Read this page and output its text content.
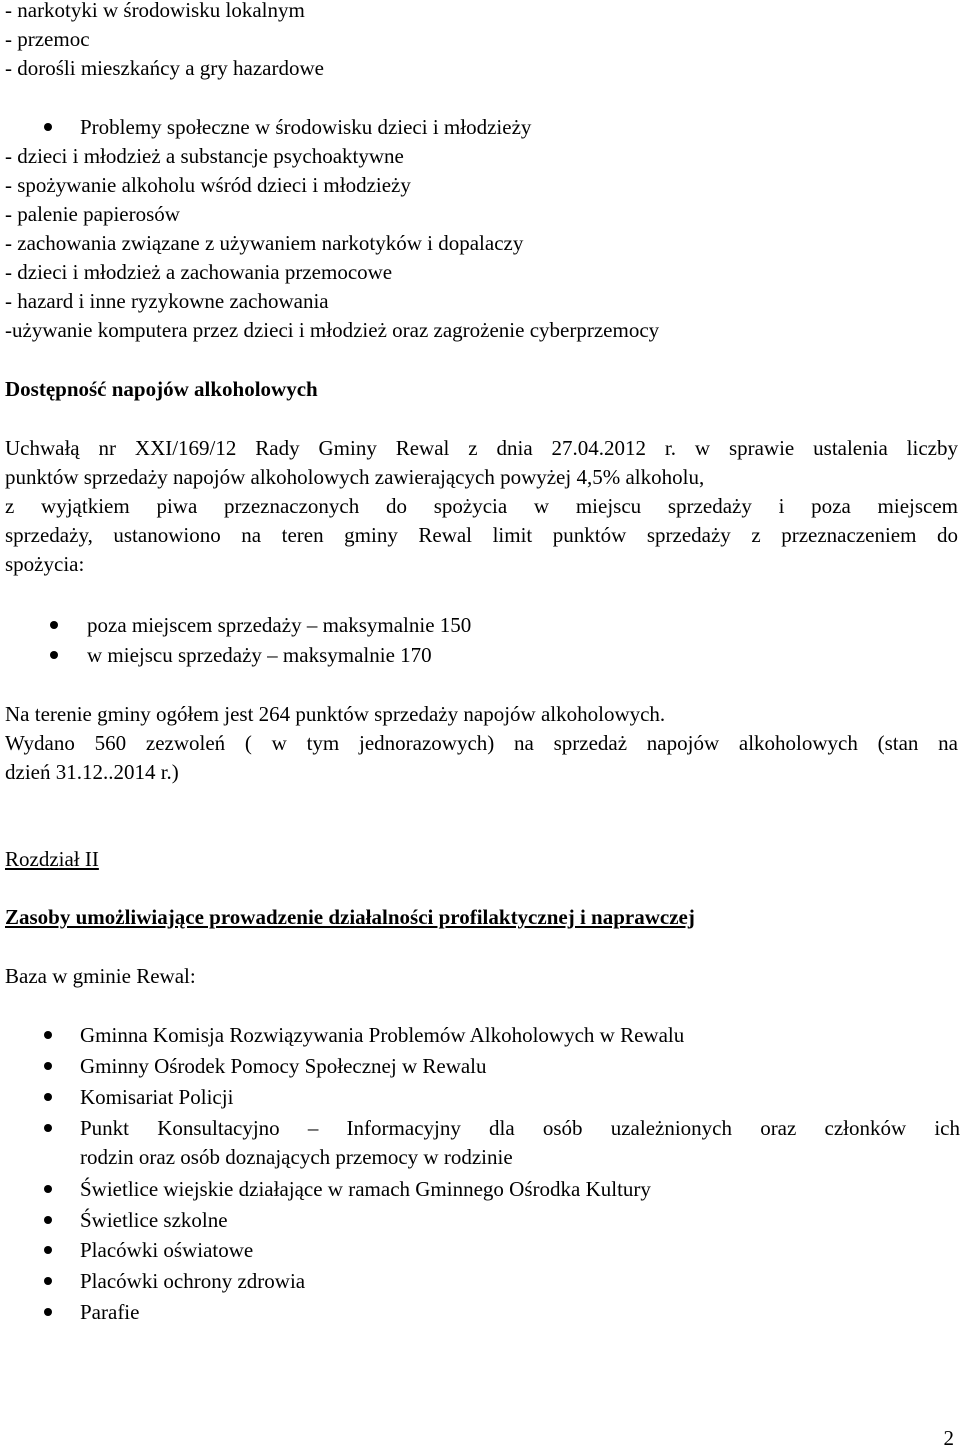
- narkotyki w środowisku lokalnym
- przemoc
- dorośli mieszkańcy a gry hazardowe
Problemy społeczne w środowisku dzieci i młodzieży
- dzieci i młodzież a substancje psychoaktywne
- spożywanie alkoholu wśród dzieci i młodzieży
- palenie papierosów
- zachowania związane z używaniem narkotyków i dopalaczy
- dzieci i młodzież a zachowania przemocowe
- hazard i inne ryzykowne zachowania
-używanie komputera przez dzieci i młodzież oraz zagrożenie cyberprzemocy
Dostępność napojów alkoholowych
Uchwałą nr XXI/169/12 Rady Gminy Rewal z dnia 27.04.2012 r. w sprawie ustalenia liczby
punktów sprzedaży napojów alkoholowych zawierających powyżej 4,5% alkoholu,
z wyjątkiem piwa przeznaczonych do spożycia w miejscu sprzedaży i poza miejscem
sprzedaży, ustanowiono na teren gminy Rewal limit punktów sprzedaży z przeznaczeniem do
spożycia:
poza miejscem sprzedaży – maksymalnie 150
w miejscu sprzedaży – maksymalnie 170
Na terenie gminy ogółem jest 264 punktów sprzedaży napojów alkoholowych.
Wydano 560 zezwoleń ( w tym jednorazowych) na sprzedaż napojów alkoholowych (stan na
dzień 31.12..2014 r.)
Rozdział II
Zasoby umożliwiające prowadzenie działalności profilaktycznej i naprawczej
Baza w gminie Rewal:
Gminna Komisja Rozwiązywania Problemów Alkoholowych w Rewalu
Gminny Ośrodek Pomocy Społecznej w Rewalu
Komisariat Policji
Punkt Konsultacyjno – Informacyjny dla osób uzależnionych oraz członków ich
rodzin oraz osób doznających przemocy w rodzinie
Świetlice wiejskie działające w ramach Gminnego Ośrodka Kultury
Świetlice szkolne
Placówki oświatowe
Placówki ochrony zdrowia
Parafie
2
